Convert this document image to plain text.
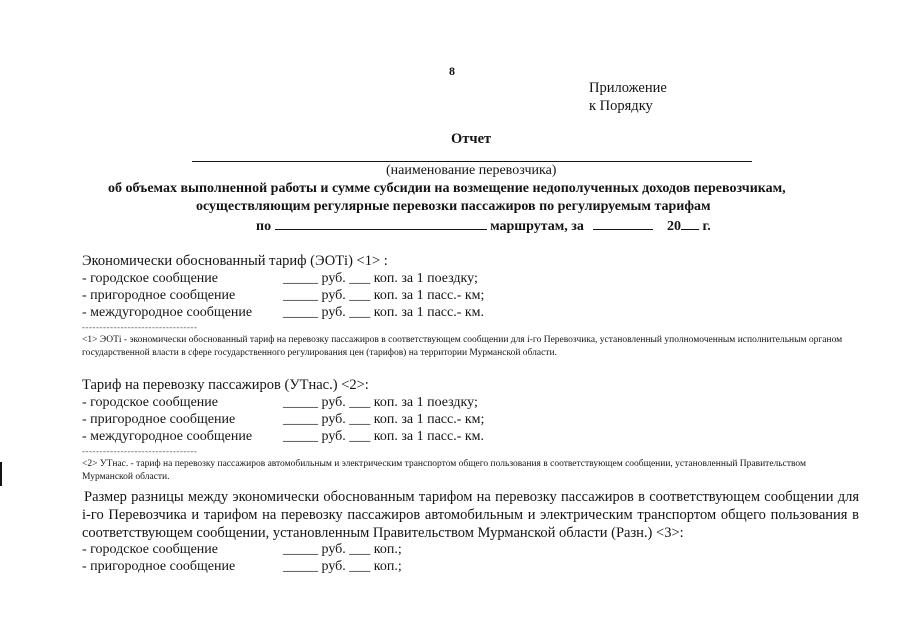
8
Приложение
к Порядку
Отчет
(наименование перевозчика)
об объемах выполненной работы и сумме субсидии на возмещение недополученных доходов перевозчикам,
осуществляющим регулярные перевозки пассажиров по регулируемым тарифам
по	маршрутам, за	20 г.
Экономически обоснованный тариф (ЭОТi) <1> :
- городское сообщение	_____ руб. ___ коп. за 1 поездку;
- пригородное сообщение	_____ руб. ___ коп. за 1 пасс.- км;
- междугородное сообщение _____ руб. ___ коп. за 1 пасс.- км.
---------------------------------
<1> ЭОТi - экономически обоснованный тариф на перевозку пассажиров в соответствующем сообщении для i-го Перевозчика, установленный уполномоченным исполнительным органом государственной власти в сфере государственного регулирования цен (тарифов) на территории Мурманской области.
Тариф на перевозку пассажиров (УТнас.) <2>:
- городское сообщение	_____ руб. ___ коп. за 1 поездку;
- пригородное сообщение	_____ руб. ___ коп. за 1 пасс.- км;
- междугородное сообщение _____ руб. ___ коп. за 1 пасс.- км.
---------------------------------
<2> УТнас. - тариф на перевозку пассажиров автомобильным и электрическим транспортом общего пользования в соответствующем сообщении, установленный Правительством Мурманской области.

Размер разницы между экономически обоснованным тарифом на перевозку пассажиров в соответствующем сообщении для i-го Перевозчика и тарифом на перевозку пассажиров автомобильным и электрическим транспортом общего пользования в соответствующем сообщении, установленным Правительством Мурманской области (Разн.) <3>:

- городское сообщение	_____ руб. ___ коп.;
- пригородное сообщение	_____ руб. ___ коп.;
